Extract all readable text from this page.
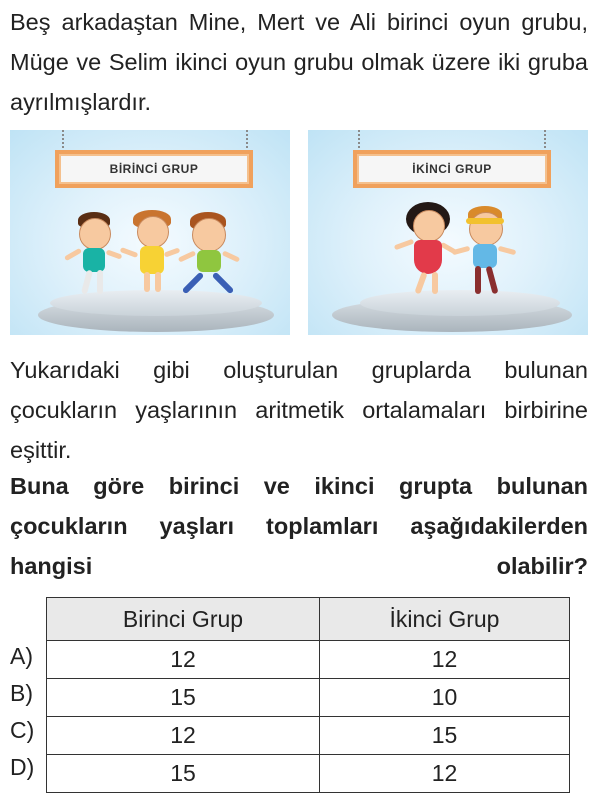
Beş arkadaştan Mine, Mert ve Ali birinci oyun grubu, Müge ve Selim ikinci oyun grubu olmak üzere iki gruba ayrılmışlardır.
BİRİNCİ GRUP	İKİNCİ GRUP
Yukarıdaki gibi oluşturulan gruplarda bulunan çocukların yaşlarının aritmetik ortalamaları birbirine eşittir.
Buna göre birinci ve ikinci grupta bulunan çocukların yaşları toplamları aşağıdakilerden hangisi olabilir?
Birinci Grup	İkinci Grup
12	12
15	10
12	15
15	12
A)
B)
C)
D)
